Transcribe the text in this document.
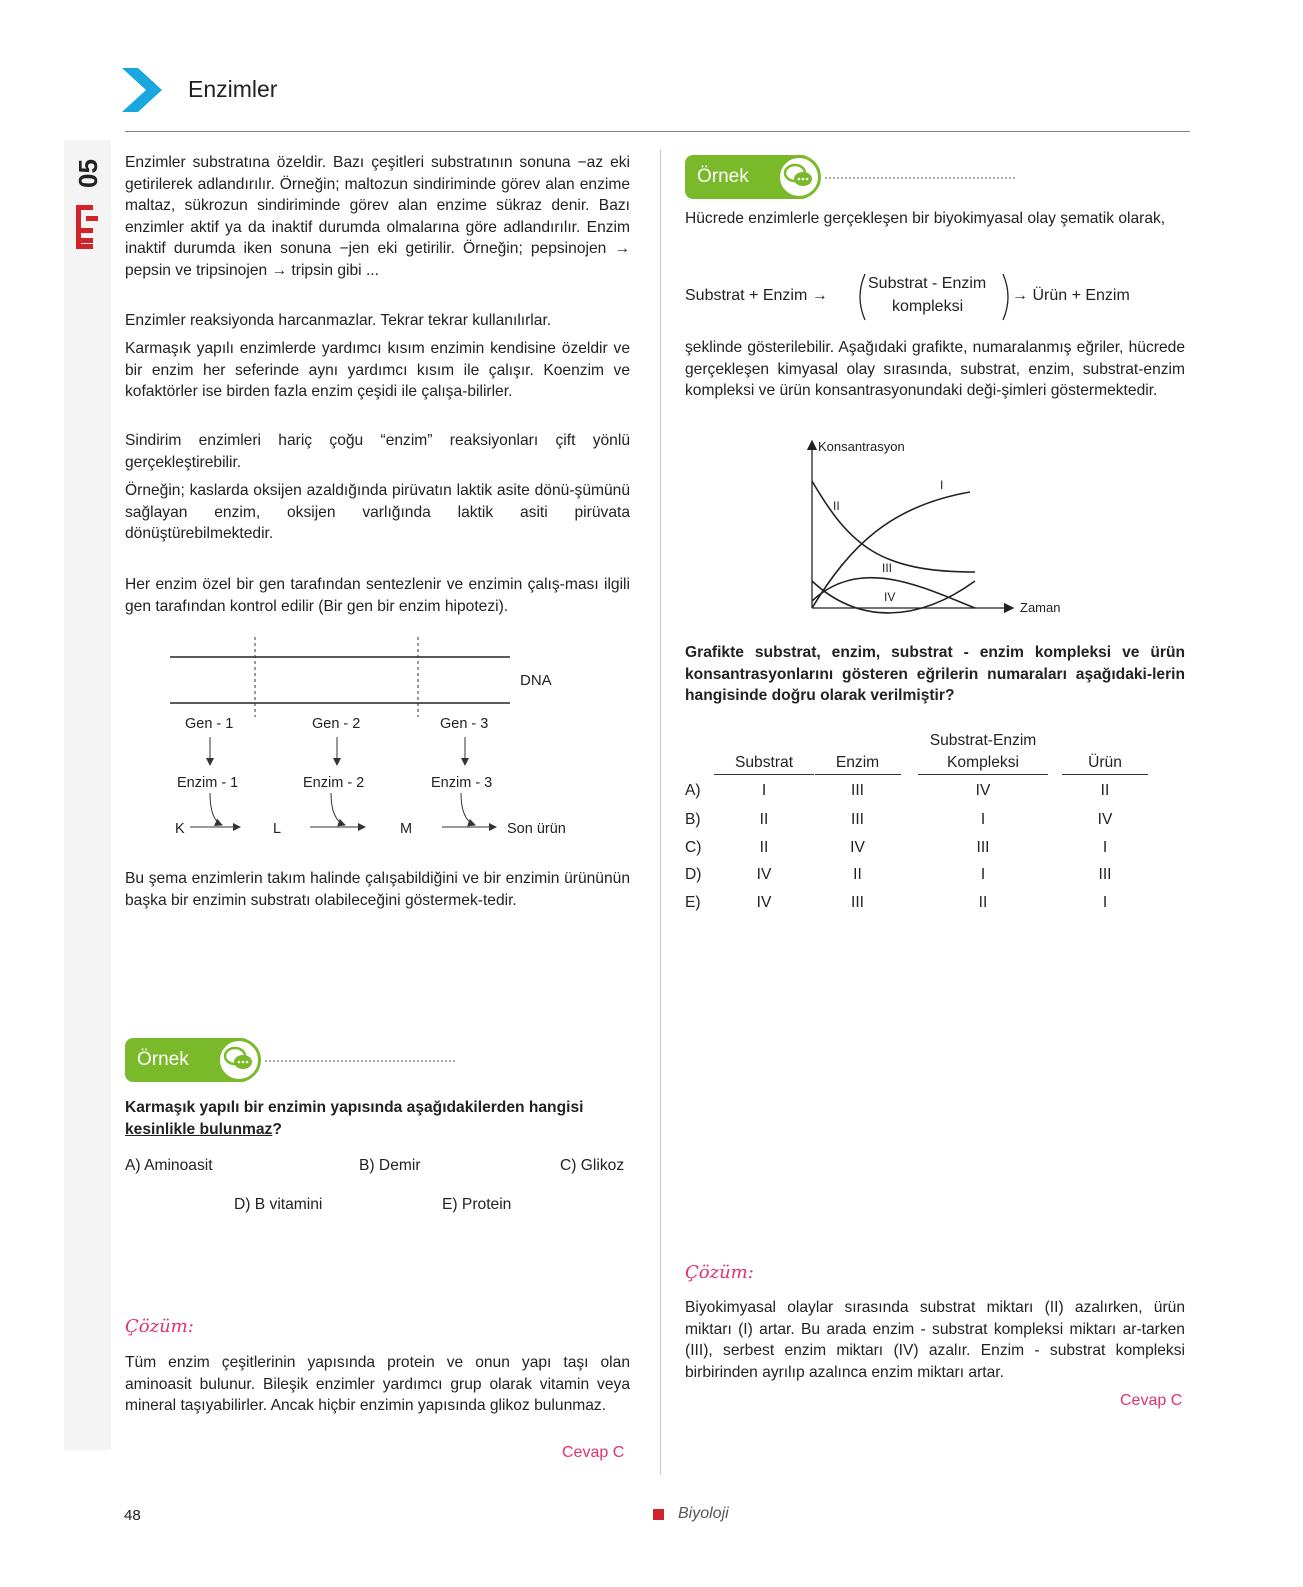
Enzimler
05 Enzimler substratına özeldir. Bazı çeşitleri substratının sonuna −az eki getirilerek adlandırılır. Örneğin; maltozun sindiriminde görev alan enzime maltaz, sükrozun sindiriminde görev alan enzime sükraz denir. Bazı enzimler aktif ya da inaktif durumda olmalarına göre adlandırılır. Enzim inaktif durumda iken sonuna −jen eki getirilir. Örneğin; pepsinojen → pepsin ve tripsinojen → tripsin gibi ...

Enzimler reaksiyonda harcanmazlar. Tekrar tekrar kullanılırlar.

Karmaşık yapılı enzimlerde yardımcı kısım enzimin kendisine özeldir ve bir enzim her seferinde aynı yardımcı kısım ile çalışır. Koenzim ve kofaktörler ise birden fazla enzim çeşidi ile çalışa-bilirler.

Sindirim enzimleri hariç çoğu “enzim” reaksiyonları çift yönlü gerçekleştirebilir.

Örneğin; kaslarda oksijen azaldığında pirüvatın laktik asite dönü-şümünü sağlayan enzim, oksijen varlığında laktik asiti pirüvata dönüştürebilmektedir.

Her enzim özel bir gen tarafından sentezlenir ve enzimin çalış-ması ilgili gen tarafından kontrol edilir (Bir gen bir enzim hipotezi).

DNA
Gen - 1	Gen - 2	Gen - 3
Enzim - 1	Enzim - 2	Enzim - 3
K	L	M	Son ürün

Bu şema enzimlerin takım halinde çalışabildiğini ve bir enzimin ürününün başka bir enzimin substratı olabileceğini göstermek-tedir.

Örnek

Karmaşık yapılı bir enzimin yapısında aşağıdakilerden hangisi kesinlikle bulunmaz?

A) Aminoasit	B) Demir	C) Glikoz
D) B vitamini	E) Protein
Çözüm:

Tüm enzim çeşitlerinin yapısında protein ve onun yapı taşı olan aminoasit bulunur. Bileşik enzimler yardımcı grup olarak vitamin veya mineral taşıyabilirler. Ancak hiçbir enzimin yapısında glikoz bulunmaz.

Cevap C
Örnek

Hücrede enzimlerle gerçekleşen bir biyokimyasal olay şematik olarak,

Substrat + Enzim →
Substrat - Enzim
kompleksi
→ Ürün + Enzim

şeklinde gösterilebilir. Aşağıdaki grafikte, numaralanmış eğriler, hücrede gerçekleşen kimyasal olay sırasında, substrat, enzim, substrat-enzim kompleksi ve ürün konsantrasyonundaki deği-şimleri göstermektedir.

Konsantrasyon
Zaman
I
II
III
IV

Grafikte substrat, enzim, substrat - enzim kompleksi ve ürün konsantrasyonlarını gösteren eğrilerin numaraları aşağıdaki-lerin hangisinde doğru olarak verilmiştir?

Substrat-Enzim
Substrat	Enzim	Kompleksi	Ürün
A)	I	III	IV	II
B)	II	III	I	IV
C)	II	IV	III	I
D)	IV	II	I	III
E)	IV	III	II	I
Çözüm:

Biyokimyasal olaylar sırasında substrat miktarı (II) azalırken, ürün miktarı (I) artar. Bu arada enzim - substrat kompleksi miktarı ar-tarken (III), serbest enzim miktarı (IV) azalır. Enzim - substrat kompleksi birbirinden ayrılıp azalınca enzim miktarı artar.

Cevap C
48	Biyoloji
